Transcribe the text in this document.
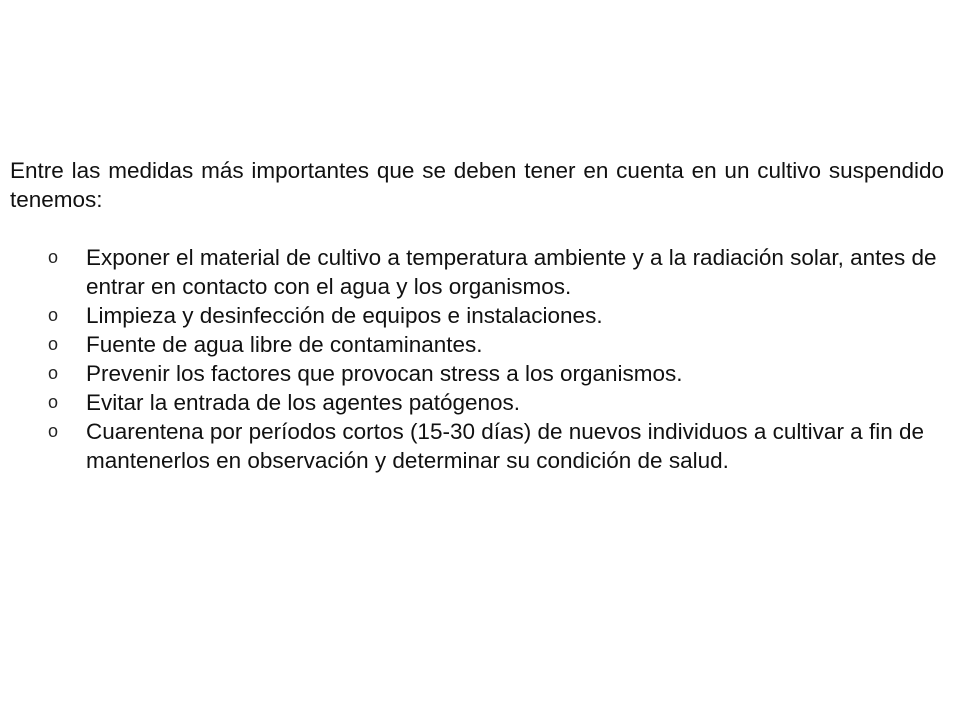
Entre las medidas más importantes que se deben tener en cuenta en un cultivo suspendido tenemos:

o	Exponer el material de cultivo a temperatura ambiente y a la radiación solar, antes de entrar en contacto con el agua y los organismos.
o	Limpieza y desinfección de equipos e instalaciones.
o	Fuente de agua libre de contaminantes.
o	Prevenir los factores que provocan stress a los organismos.
o	Evitar la entrada de los agentes patógenos.
o	Cuarentena por períodos cortos (15-30 días) de nuevos individuos a cultivar a fin de mantenerlos en observación y determinar su condición de salud.
